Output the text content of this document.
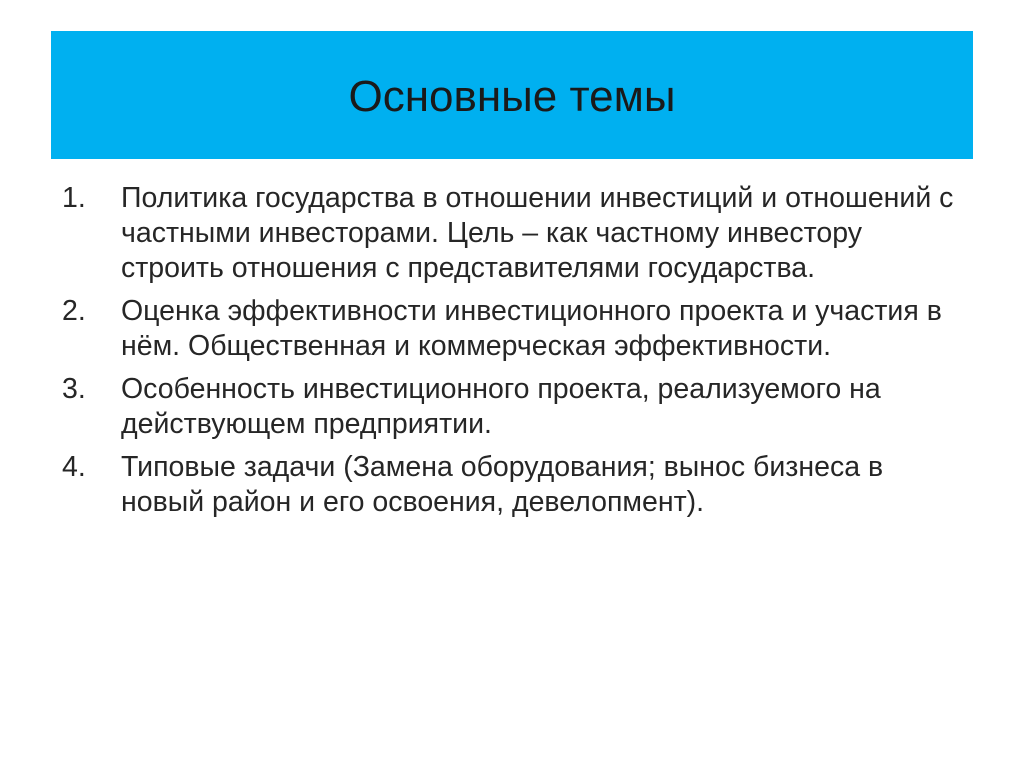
Основные темы
1.	Политика государства в отношении инвестиций и отношений с частными инвесторами. Цель – как частному инвестору строить отношения с представителями государства.
2.	Оценка эффективности инвестиционного проекта и участия в нём. Общественная и коммерческая эффективности.
3.	Особенность инвестиционного проекта, реализуемого на действующем предприятии.
4.	Типовые задачи (Замена оборудования; вынос бизнеса в новый район и его освоения, девелопмент).
